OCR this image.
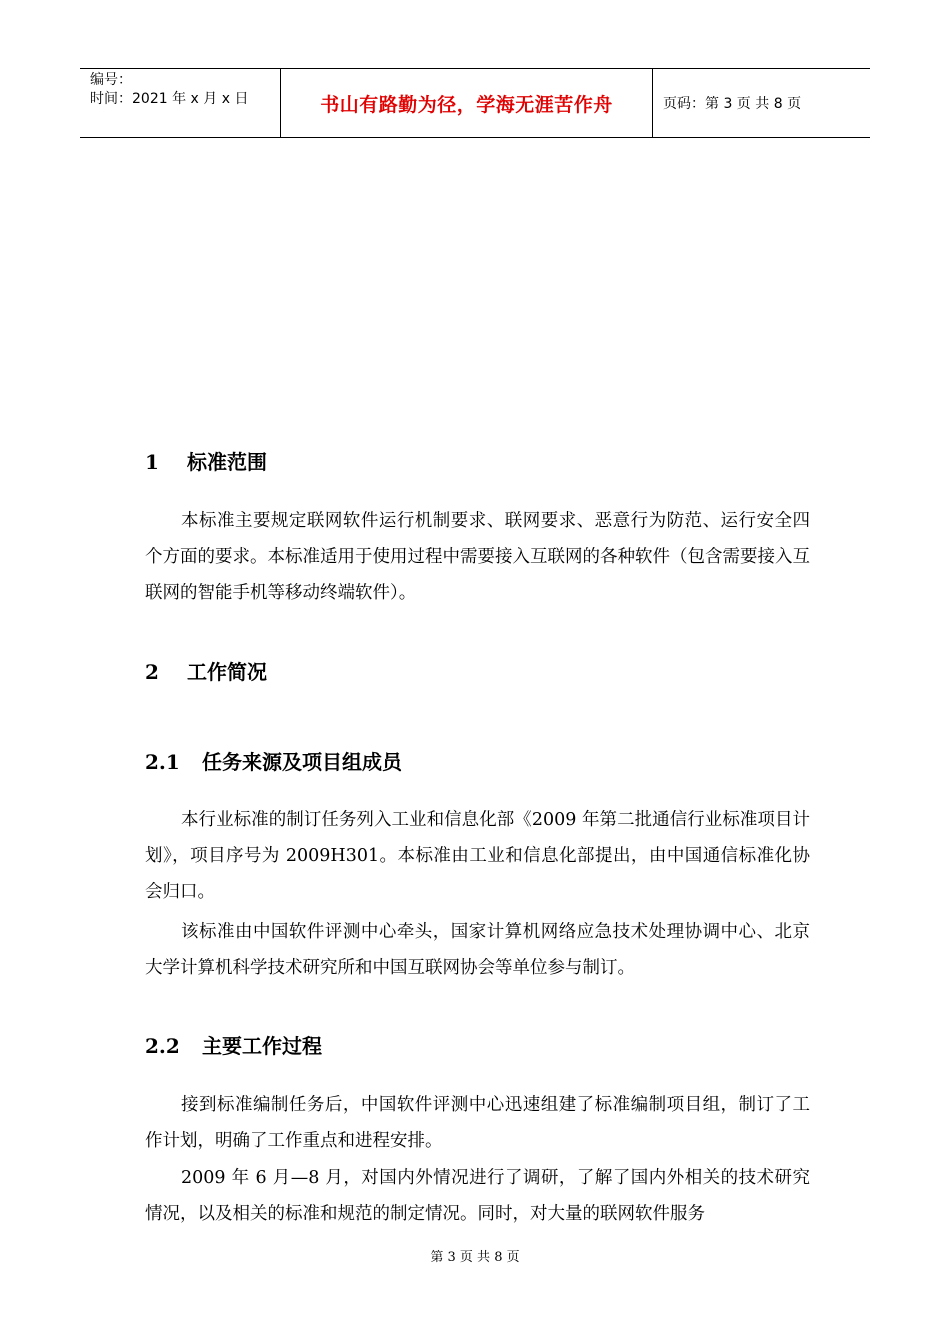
编号：
时间：2021 年 x 月 x 日	书山有路勤为径，学海无涯苦作舟	页码：第 3 页 共 8 页
1 标准范围

本标准主要规定联网软件运行机制要求、联网要求、恶意行为防范、运行安全四个方面的要求。本标准适用于使用过程中需要接入互联网的各种软件（包含需要接入互联网的智能手机等移动终端软件）。

2 工作简况
2.1 任务来源及项目组成员

本行业标准的制订任务列入工业和信息化部《2009 年第二批通信行业标准项目计划》，项目序号为 2009H301。本标准由工业和信息化部提出，由中国通信标准化协会归口。

该标准由中国软件评测中心牵头，国家计算机网络应急技术处理协调中心、北京大学计算机科学技术研究所和中国互联网协会等单位参与制订。

2.2 主要工作过程

接到标准编制任务后，中国软件评测中心迅速组建了标准编制项目组，制订了工作计划，明确了工作重点和进程安排。

2009 年 6 月—8 月，对国内外情况进行了调研，了解了国内外相关的技术研究情况，以及相关的标准和规范的制定情况。同时，对大量的联网软件服务

第 3 页 共 8 页
